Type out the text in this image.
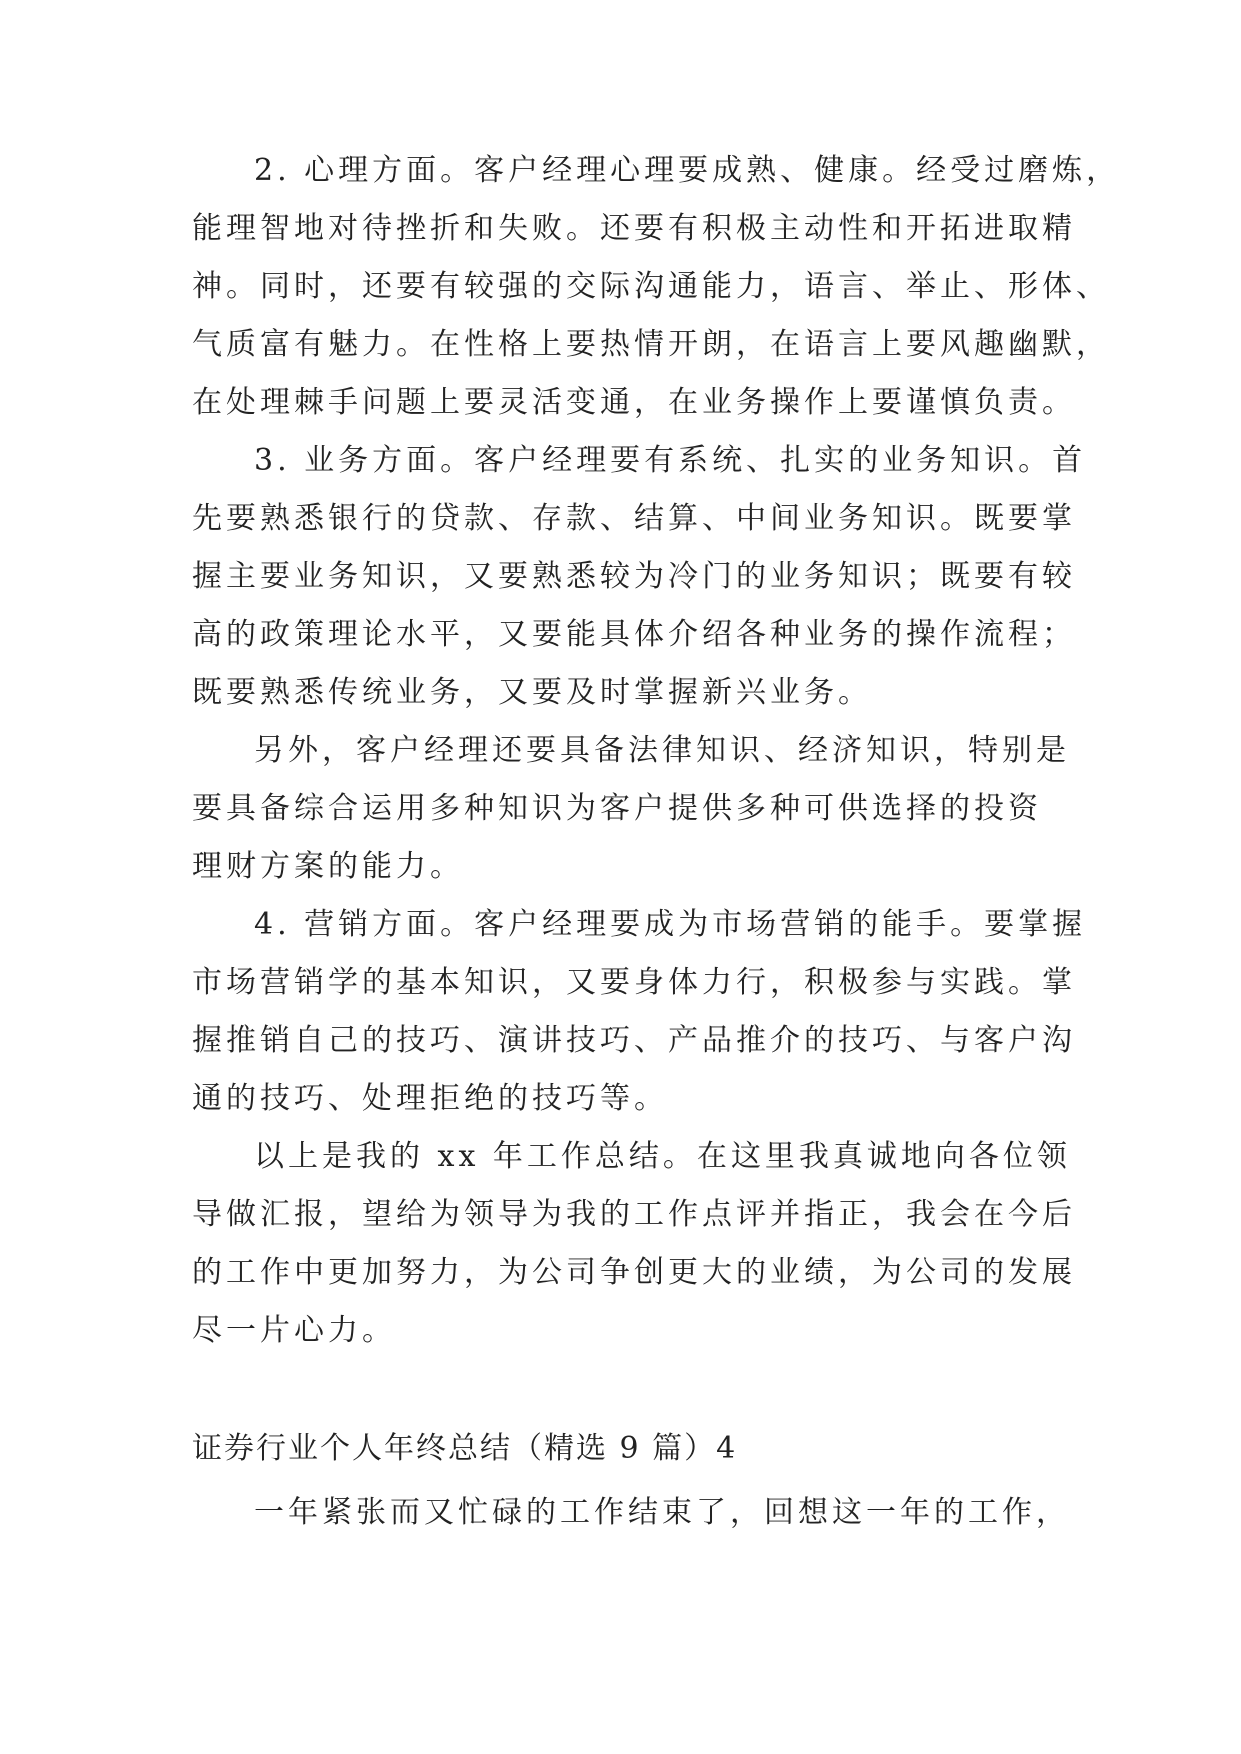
2. 心理方面。客户经理心理要成熟、健康。经受过磨炼，
能理智地对待挫折和失败。还要有积极主动性和开拓进取精
神。同时，还要有较强的交际沟通能力，语言、举止、形体、
气质富有魅力。在性格上要热情开朗，在语言上要风趣幽默，
在处理棘手问题上要灵活变通，在业务操作上要谨慎负责。
3. 业务方面。客户经理要有系统、扎实的业务知识。首
先要熟悉银行的贷款、存款、结算、中间业务知识。既要掌
握主要业务知识，又要熟悉较为冷门的业务知识；既要有较
高的政策理论水平，又要能具体介绍各种业务的操作流程；
既要熟悉传统业务，又要及时掌握新兴业务。
另外，客户经理还要具备法律知识、经济知识，特别是
要具备综合运用多种知识为客户提供多种可供选择的投资
理财方案的能力。
4. 营销方面。客户经理要成为市场营销的能手。要掌握
市场营销学的基本知识，又要身体力行，积极参与实践。掌
握推销自己的技巧、演讲技巧、产品推介的技巧、与客户沟
通的技巧、处理拒绝的技巧等。
以上是我的 xx 年工作总结。在这里我真诚地向各位领
导做汇报，望给为领导为我的工作点评并指正，我会在今后
的工作中更加努力，为公司争创更大的业绩，为公司的发展
尽一片心力。
证券行业个人年终总结（精选 9 篇）4
一年紧张而又忙碌的工作结束了，回想这一年的工作，
